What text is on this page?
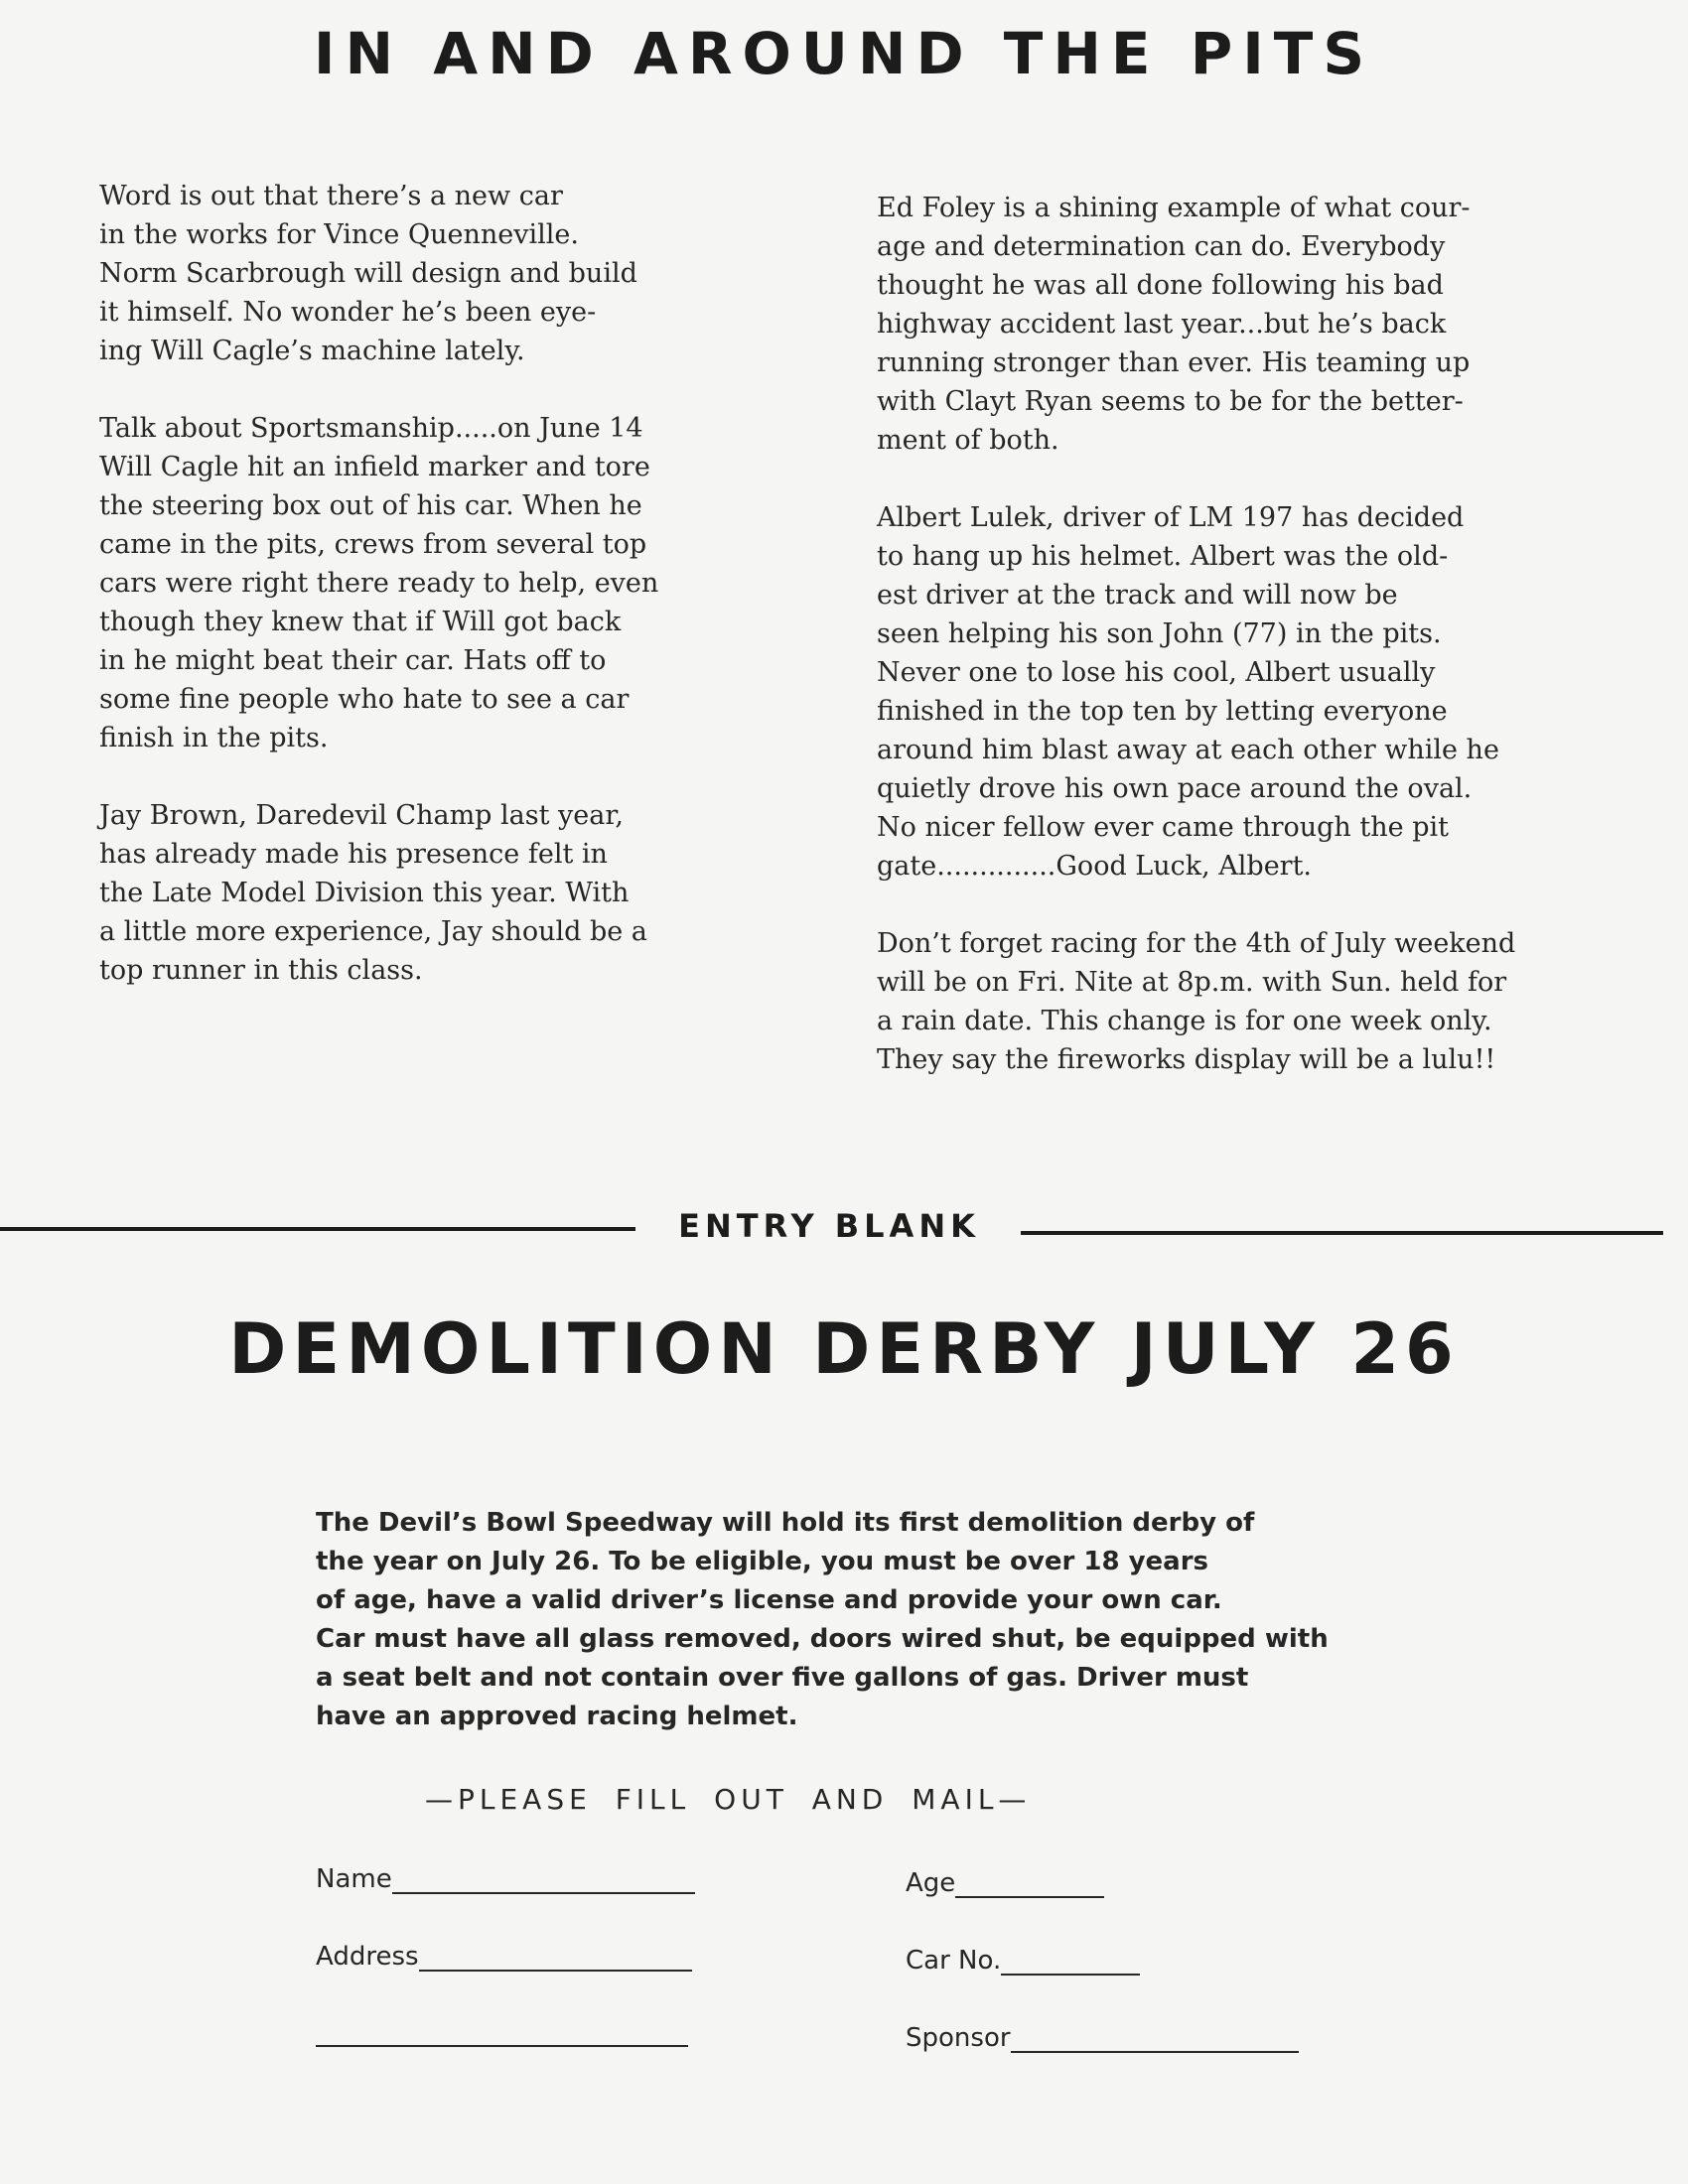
IN AND AROUND THE PITS

Word is out that there’s a new car
in the works for Vince Quenneville.
Norm Scarbrough will design and build
it himself. No wonder he’s been eye-
ing Will Cagle’s machine lately.

Talk about Sportsmanship.....on June 14
Will Cagle hit an infield marker and tore
the steering box out of his car. When he
came in the pits, crews from several top
cars were right there ready to help, even
though they knew that if Will got back
in he might beat their car. Hats off to
some fine people who hate to see a car
finish in the pits.

Jay Brown, Daredevil Champ last year,
has already made his presence felt in
the Late Model Division this year. With
a little more experience, Jay should be a
top runner in this class.

Ed Foley is a shining example of what cour-
age and determination can do. Everybody
thought he was all done following his bad
highway accident last year...but he’s back
running stronger than ever. His teaming up
with Clayt Ryan seems to be for the better-
ment of both.

Albert Lulek, driver of LM 197 has decided
to hang up his helmet. Albert was the old-
est driver at the track and will now be
seen helping his son John (77) in the pits.
Never one to lose his cool, Albert usually
finished in the top ten by letting everyone
around him blast away at each other while he
quietly drove his own pace around the oval.
No nicer fellow ever came through the pit
gate..............Good Luck, Albert.

Don’t forget racing for the 4th of July weekend
will be on Fri. Nite at 8p.m. with Sun. held for
a rain date. This change is for one week only.
They say the fireworks display will be a lulu!!

ENTRY BLANK
DEMOLITION DERBY JULY 26
The Devil’s Bowl Speedway will hold its first demolition derby of
the year on July 26. To be eligible, you must be over 18 years
of age, have a valid driver’s license and provide your own car.
Car must have all glass removed, doors wired shut, be equipped with
a seat belt and not contain over five gallons of gas. Driver must
have an approved racing helmet.
—PLEASE FILL OUT AND MAIL—
Name
Address
Age
Car No.
Sponsor
